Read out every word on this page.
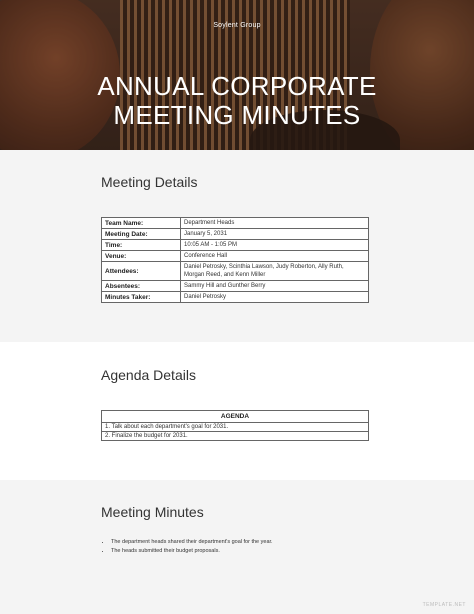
Soylent Group
ANNUAL CORPORATE
MEETING MINUTES
Meeting Details
Team Name:	Department Heads
Meeting Date:	January 5, 2031
Time:	10:05 AM - 1:05 PM
Venue:	Conference Hall
Attendees:	Daniel Petrosky, Scinthia Lawson, Judy Roberton, Ally Ruth, Morgan Reed, and Kenn Miller
Absentees:	Sammy Hill and Gunther Berry
Minutes Taker:	Daniel Petrosky
Agenda Details
AGENDA
1. Talk about each department's goal for 2031.
2. Finalize the budget for 2031.
Meeting Minutes
• The department heads shared their department's goal for the year.
• The heads submitted their budget proposals.
TEMPLATE.NET
